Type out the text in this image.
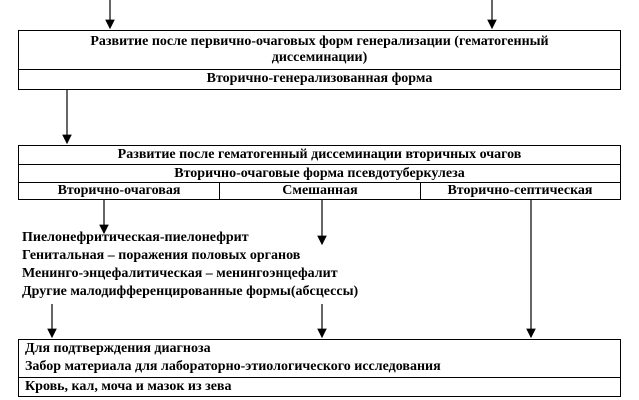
Развитие после первично-очаговых форм генерализации (гематогенный
диссеминации)
Вторично-генерализованная форма
Развитие после гематогенный диссеминации вторичных очагов
Вторично-очаговые форма псевдотуберкулеза
Вторично-очаговая	Смешанная	Вторично-септическая
Пиелонефритическая-пиелонефрит
Генитальная – поражения половых органов
Менинго-энцефалитическая – менингоэнцефалит
Другие малодифференцированные формы(абсцессы)
Для подтверждения диагноза
Забор материала для лабораторно-этиологического исследования
Кровь, кал, моча и мазок из зева
